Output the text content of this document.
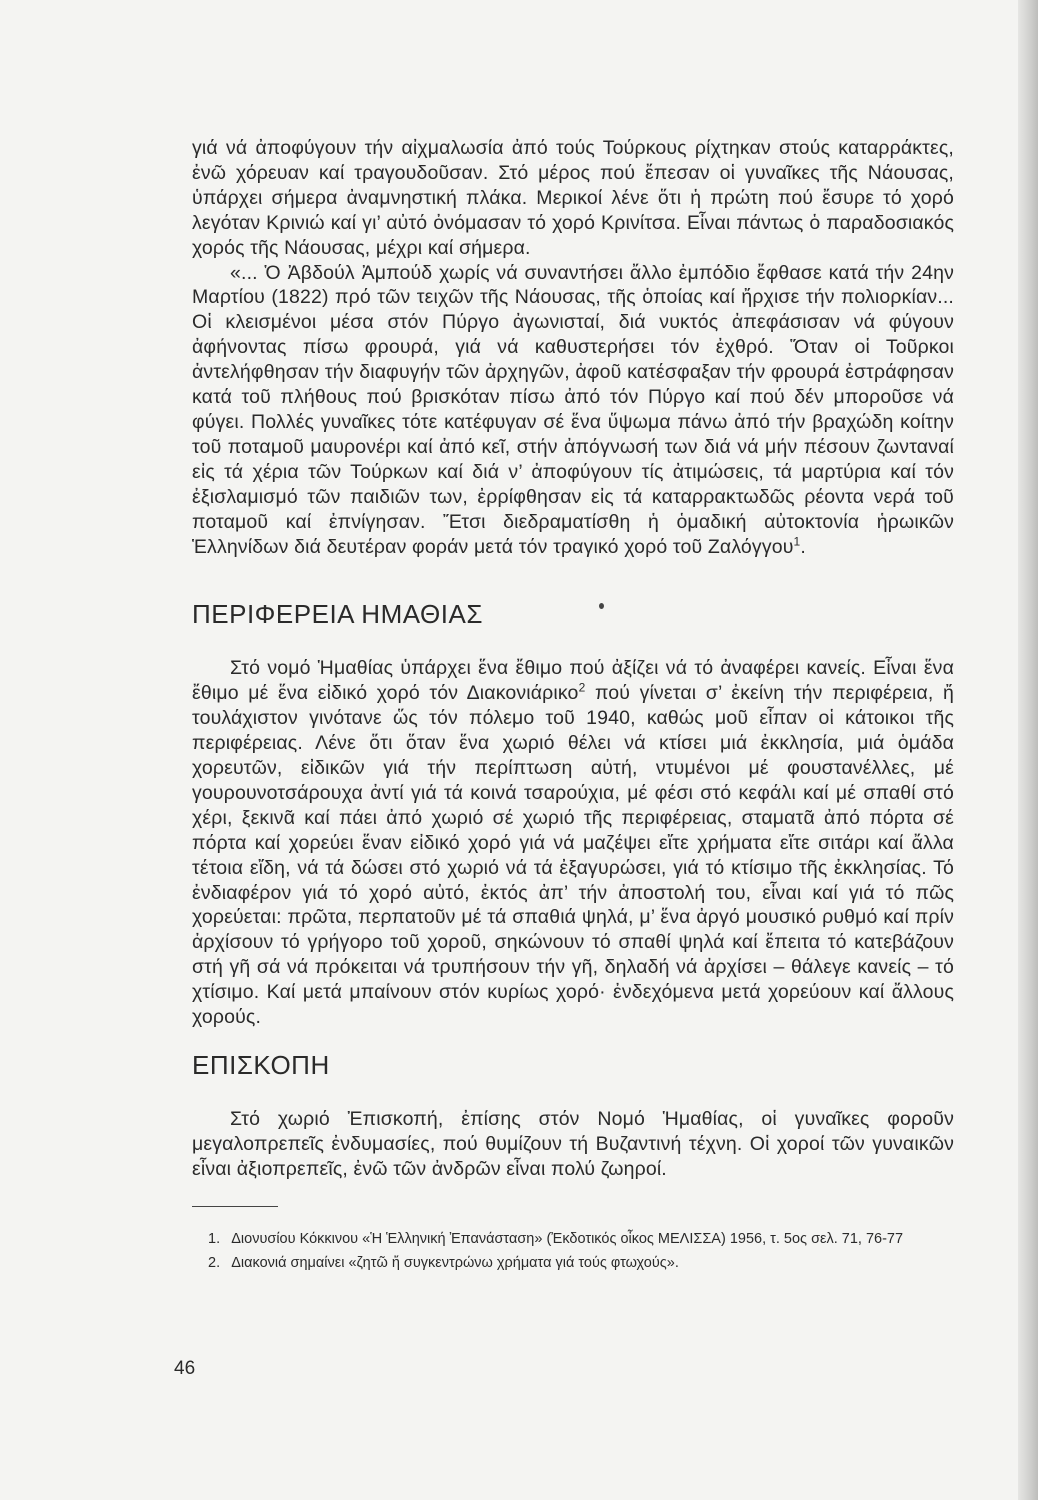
γιά νά ἀποφύγουν τήν αἰχμαλωσία ἀπό τούς Τούρκους ρίχτηκαν στούς καταρράκτες, ἐνῶ χόρευαν καί τραγουδοῦσαν. Στό μέρος πού ἔπεσαν οἱ γυναῖκες τῆς Νάουσας, ὑπάρχει σήμερα ἀναμνηστική πλάκα. Μερικοί λένε ὅτι ἡ πρώτη πού ἔσυρε τό χορό λεγόταν Κρινιώ καί γι’ αὐτό ὀνόμασαν τό χορό Κρινίτσα. Εἶναι πάντως ὁ παραδοσιακός χορός τῆς Νάουσας, μέχρι καί σήμερα.

«... Ὁ Ἀβδούλ Ἀμπούδ χωρίς νά συναντήσει ἄλλο ἐμπόδιο ἔφθασε κατά τήν 24ην Μαρτίου (1822) πρό τῶν τειχῶν τῆς Νάουσας, τῆς ὁποίας καί ἤρχισε τήν πολιορκίαν... Οἱ κλεισμένοι μέσα στόν Πύργο ἀγωνισταί, διά νυκτός ἀπεφάσισαν νά φύγουν ἀφήνοντας πίσω φρουρά, γιά νά καθυστερήσει τόν ἐχθρό. Ὅταν οἱ Τοῦρκοι ἀντελήφθησαν τήν διαφυγήν τῶν ἀρχηγῶν, ἀφοῦ κατέσφαξαν τήν φρουρά ἐστράφησαν κατά τοῦ πλήθους πού βρισκόταν πίσω ἀπό τόν Πύργο καί πού δέν μποροῦσε νά φύγει. Πολλές γυναῖκες τότε κατέφυγαν σέ ἕνα ὕψωμα πάνω ἀπό τήν βραχώδη κοίτην τοῦ ποταμοῦ μαυρονέρι καί ἀπό κεῖ, στήν ἀπόγνωσή των διά νά μήν πέσουν ζωνταναί εἰς τά χέρια τῶν Τούρκων καί διά ν’ ἀποφύγουν τίς ἀτιμώσεις, τά μαρτύρια καί τόν ἐξισλαμισμό τῶν παιδιῶν των, ἐρρίφθησαν εἰς τά καταρρακτωδῶς ρέοντα νερά τοῦ ποταμοῦ καί ἐπνίγησαν. Ἔτσι διεδραματίσθη ἡ ὁμαδική αὐτοκτονία ἡρωικῶν Ἑλληνίδων διά δευτέραν φοράν μετά τόν τραγικό χορό τοῦ Ζαλόγγου$^1$.

ΠΕΡΙΦΕΡΕΙΑ ΗΜΑΘΙΑΣ

Στό νομό Ἡμαθίας ὑπάρχει ἕνα ἔθιμο πού ἀξίζει νά τό ἀναφέρει κανείς. Εἶναι ἕνα ἔθιμο μέ ἕνα εἰδικό χορό τόν Διακονιάρικο$^2$ πού γίνεται σ’ ἐκείνη τήν περιφέρεια, ἤ τουλάχιστον γινότανε ὥς τόν πόλεμο τοῦ 1940, καθώς μοῦ εἶπαν οἱ κάτοικοι τῆς περιφέρειας. Λένε ὅτι ὅταν ἕνα χωριό θέλει νά κτίσει μιά ἐκκλησία, μιά ὁμάδα χορευτῶν, εἰδικῶν γιά τήν περίπτωση αὐτή, ντυμένοι μέ φουστανέλλες, μέ γουρουνοτσάρουχα ἀντί γιά τά κοινά τσαρούχια, μέ φέσι στό κεφάλι καί μέ σπαθί στό χέρι, ξεκινᾶ καί πάει ἀπό χωριό σέ χωριό τῆς περιφέρειας, σταματᾶ ἀπό πόρτα σέ πόρτα καί χορεύει ἕναν εἰδικό χορό γιά νά μαζέψει εἴτε χρήματα εἴτε σιτάρι καί ἄλλα τέτοια εἴδη, νά τά δώσει στό χωριό νά τά ἐξαγυρώσει, γιά τό κτίσιμο τῆς ἐκκλησίας. Τό ἐνδιαφέρον γιά τό χορό αὐτό, ἐκτός ἀπ’ τήν ἀποστολή του, εἶναι καί γιά τό πῶς χορεύεται: πρῶτα, περπατοῦν μέ τά σπαθιά ψηλά, μ’ ἕνα ἀργό μουσικό ρυθμό καί πρίν ἀρχίσουν τό γρήγορο τοῦ χοροῦ, σηκώνουν τό σπαθί ψηλά καί ἔπειτα τό κατεβάζουν στή γῆ σά νά πρόκειται νά τρυπήσουν τήν γῆ, δηλαδή νά ἀρχίσει – θάλεγε κανείς – τό χτίσιμο. Καί μετά μπαίνουν στόν κυρίως χορό· ἐνδεχόμενα μετά χορεύουν καί ἄλλους χορούς.

ΕΠΙΣΚΟΠΗ

Στό χωριό Ἐπισκοπή, ἐπίσης στόν Νομό Ἡμαθίας, οἱ γυναῖκες φοροῦν μεγαλοπρεπεῖς ἐνδυμασίες, πού θυμίζουν τή Βυζαντινή τέχνη. Οἱ χοροί τῶν γυναικῶν εἶναι ἀξιοπρεπεῖς, ἐνῶ τῶν ἀνδρῶν εἶναι πολύ ζωηροί.

1. Διονυσίου Κόκκινου «Ἡ Ἑλληνική Ἐπανάσταση» (Ἐκδοτικός οἶκος ΜΕΛΙΣΣΑ) 1956, τ. 5ος σελ. 71, 76-77

2. Διακονιά σημαίνει «ζητῶ ἤ συγκεντρώνω χρήματα γιά τούς φτωχούς».

46
